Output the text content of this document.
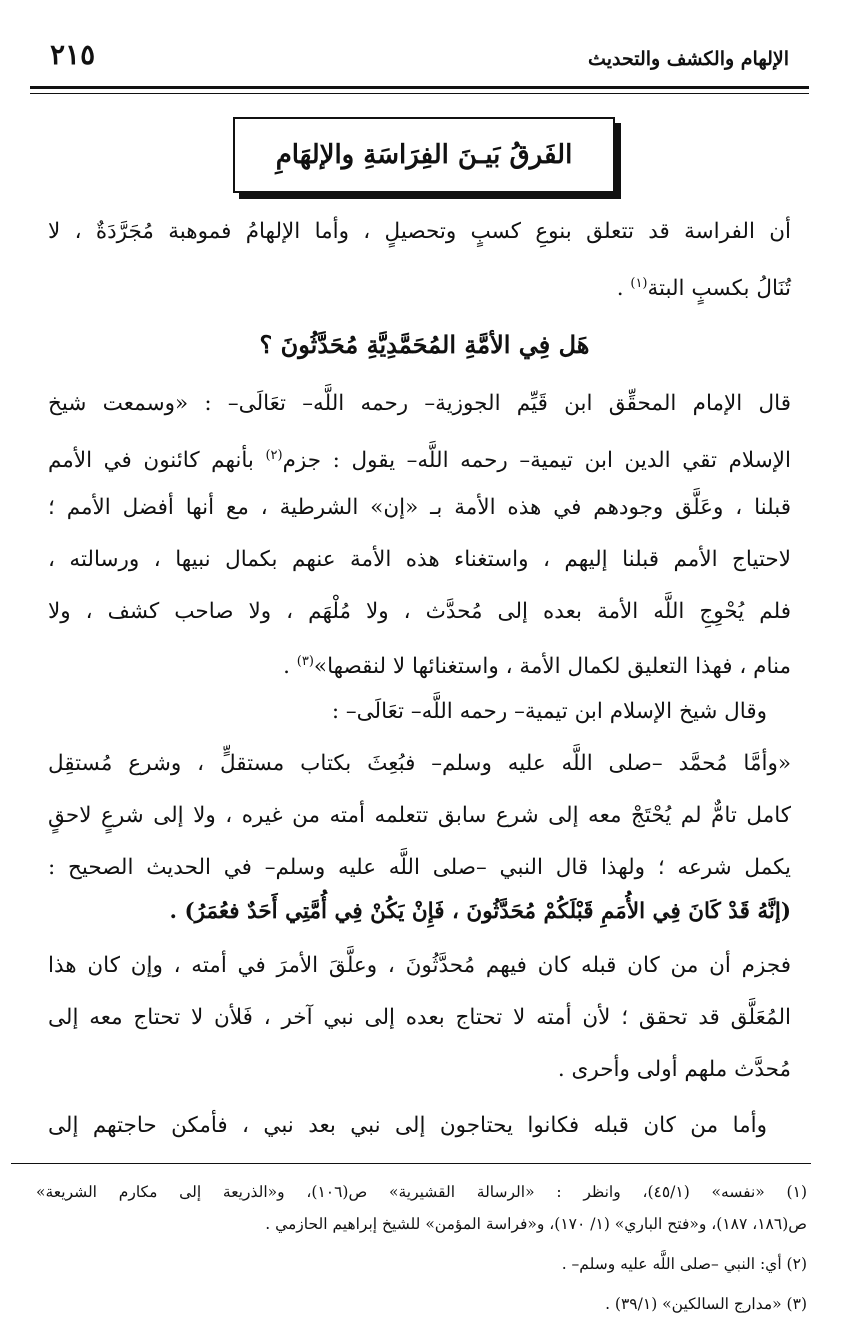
الإلهام والكشف والتحديث
٢١٥
الفَرقُ بَيـنَ الفِرَاسَةِ والإلهَامِ
أن الفراسة قد تتعلق بنوعِ كسبٍ وتحصيلٍ ، وأما الإلهامُ فموهبة مُجَرَّدَةٌ ، لا
تُنَالُ بكسبٍ البتة$^{(١)}$ .
هَل فِي الأمَّةِ المُحَمَّدِيَّةِ مُحَدَّثُونَ ؟
قال الإمام المحقِّق ابن قَيِّم الجوزية– رحمه اللَّه– تعَالَى– : «وسمعت شيخ
الإسلام تقي الدين ابن تيمية– رحمه اللَّه– يقول : جزم$^{(٢)}$ بأنهم كائنون في الأمم
قبلنا ، وعَلَّق وجودهم في هذه الأمة بـ «إن» الشرطية ، مع أنها أفضل الأمم ؛
لاحتياج الأمم قبلنا إليهم ، واستغناء هذه الأمة عنهم بكمال نبيها ، ورسالته ،
فلم يُحْوِجِ اللَّه الأمة بعده إلى مُحدَّث ، ولا مُلْهَم ، ولا صاحب كشف ، ولا
منام ، فهذا التعليق لكمال الأمة ، واستغنائها لا لنقصها»$^{(٣)}$ .
وقال شيخ الإسلام ابن تيمية– رحمه اللَّه– تعَالَى– :
«وأمَّا مُحمَّد –صلى اللَّه عليه وسلم– فبُعِثَ بكتاب مستقلٍّ ، وشرع مُستقِل
كامل تامٌّ لم يُحْتَجْ معه إلى شرع سابق تتعلمه أمته من غيره ، ولا إلى شرعٍ لاحقٍ
يكمل شرعه ؛ ولهذا قال النبي –صلى اللَّه عليه وسلم– في الحديث الصحيح :
(إنَّهُ قَدْ كَانَ فِي الأُمَمِ قَبْلَكُمْ مُحَدَّثُونَ ، فَإِنْ يَكُنْ فِي أُمَّتِي أَحَدٌ فعُمَرُ) .
فجزم أن من كان قبله كان فيهم مُحدَّثُونَ ، وعلَّقَ الأمرَ في أمته ، وإن كان هذا
المُعَلَّق قد تحقق ؛ لأن أمته لا تحتاج بعده إلى نبي آخر ، فَلأن لا تحتاج معه إلى
مُحدَّث ملهم أولى وأحرى .
وأما من كان قبله فكانوا يحتاجون إلى نبي بعد نبي ، فأمكن حاجتهم إلى
(١) «نفسه» (٤٥/١)، وانظر : «الرسالة القشيرية» ص(١٠٦)، و«الذريعة إلى مكارم الشريعة»
ص(١٨٦، ١٨٧)، و«فتح الباري» (١/ ١٧٠)، و«فراسة المؤمن» للشيخ إبراهيم الحازمي .
(٢) أي: النبي –صلى اللَّه عليه وسلم– .
(٣) «مدارج السالكين» (٣٩/١) .
